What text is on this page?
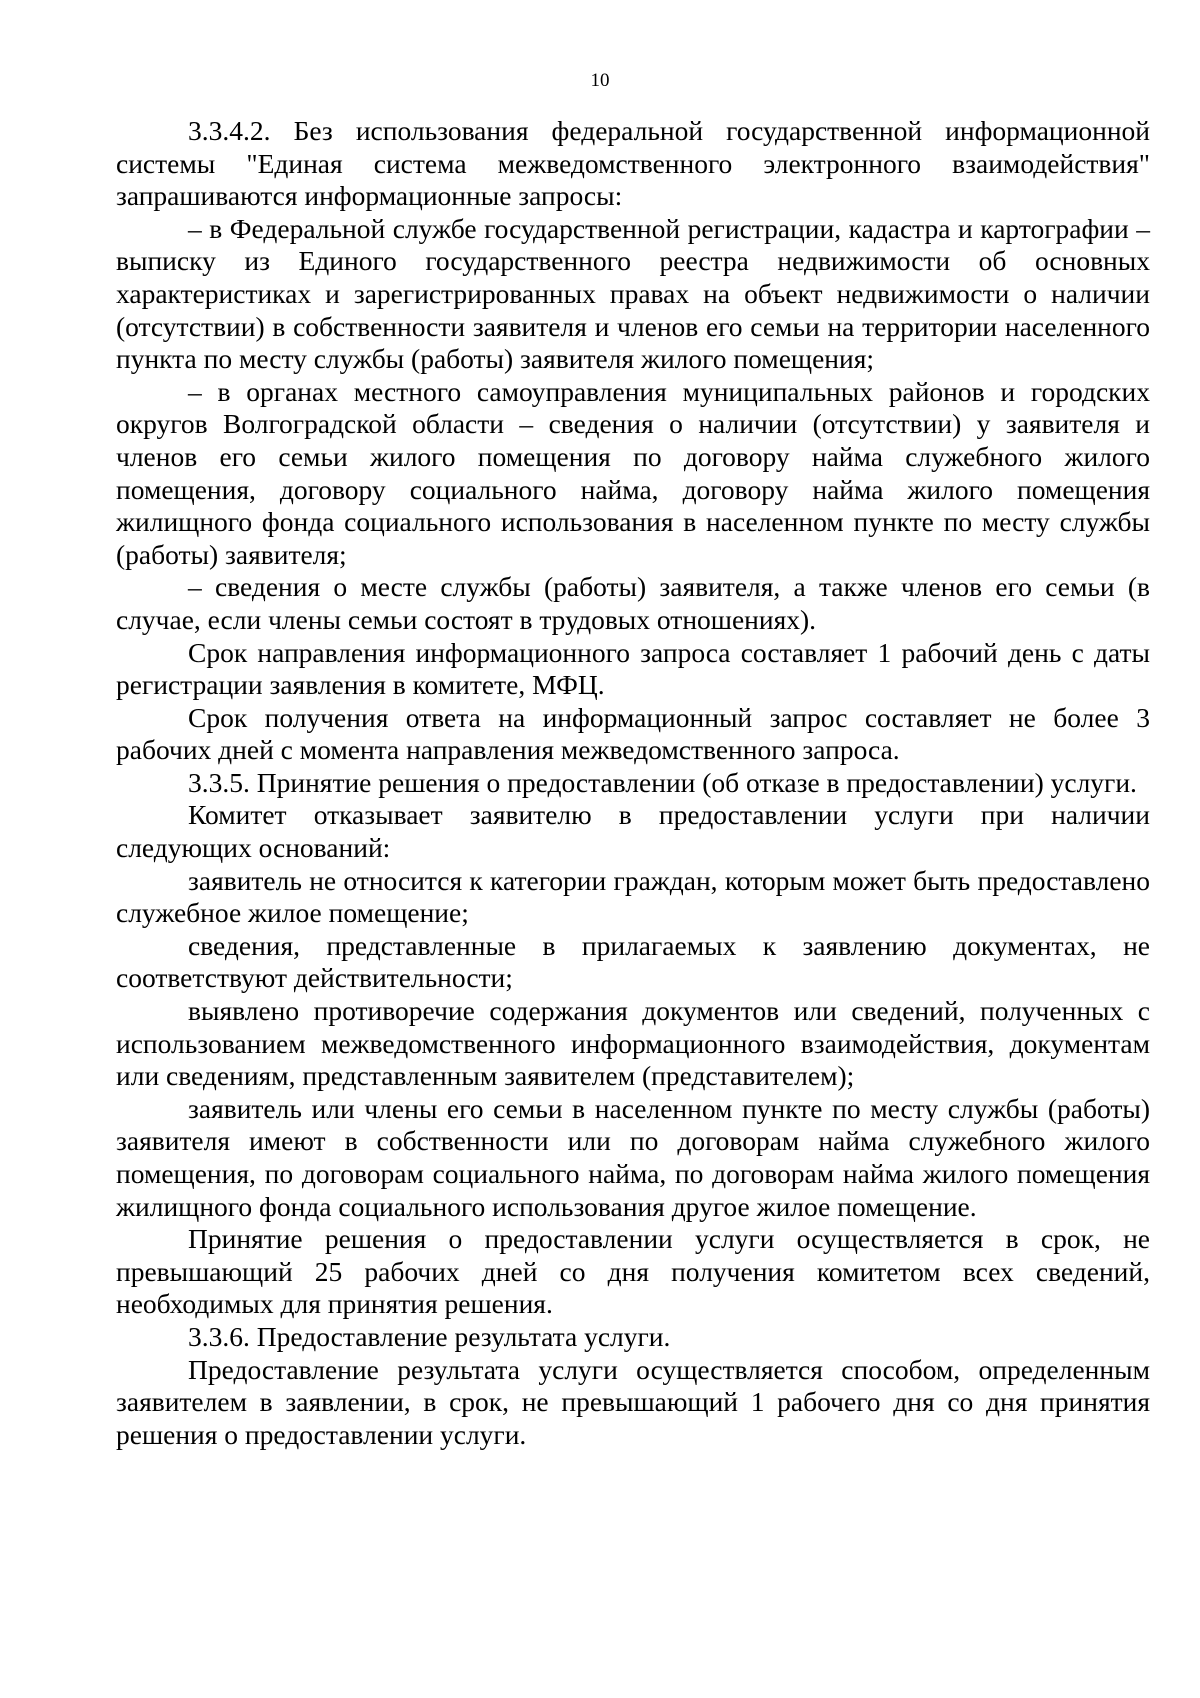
10

3.3.4.2. Без использования федеральной государственной информационной системы "Единая система межведомственного электронного взаимодействия" запрашиваются информационные запросы:

– в Федеральной службе государственной регистрации, кадастра и картографии – выписку из Единого государственного реестра недвижимости об основных характеристиках и зарегистрированных правах на объект недвижимости о наличии (отсутствии) в собственности заявителя и членов его семьи на территории населенного пункта по месту службы (работы) заявителя жилого помещения;

– в органах местного самоуправления муниципальных районов и городских округов Волгоградской области – сведения о наличии (отсутствии) у заявителя и членов его семьи жилого помещения по договору найма служебного жилого помещения, договору социального найма, договору найма жилого помещения жилищного фонда социального использования в населенном пункте по месту службы (работы) заявителя;

– сведения о месте службы (работы) заявителя, а также членов его семьи (в случае, если члены семьи состоят в трудовых отношениях).

Срок направления информационного запроса составляет 1 рабочий день с даты регистрации заявления в комитете, МФЦ.

Срок получения ответа на информационный запрос составляет не более 3 рабочих дней с момента направления межведомственного запроса.

3.3.5. Принятие решения о предоставлении (об отказе в предоставлении) услуги.

Комитет отказывает заявителю в предоставлении услуги при наличии следующих оснований:

заявитель не относится к категории граждан, которым может быть предоставлено служебное жилое помещение;

сведения, представленные в прилагаемых к заявлению документах, не соответствуют действительности;

выявлено противоречие содержания документов или сведений, полученных с использованием межведомственного информационного взаимодействия, документам или сведениям, представленным заявителем (представителем);

заявитель или члены его семьи в населенном пункте по месту службы (работы) заявителя имеют в собственности или по договорам найма служебного жилого помещения, по договорам социального найма, по договорам найма жилого помещения жилищного фонда социального использования другое жилое помещение.

Принятие решения о предоставлении услуги осуществляется в срок, не превышающий 25 рабочих дней со дня получения комитетом всех сведений, необходимых для принятия решения.

3.3.6. Предоставление результата услуги.

Предоставление результата услуги осуществляется способом, определенным заявителем в заявлении, в срок, не превышающий 1 рабочего дня со дня принятия решения о предоставлении услуги.
